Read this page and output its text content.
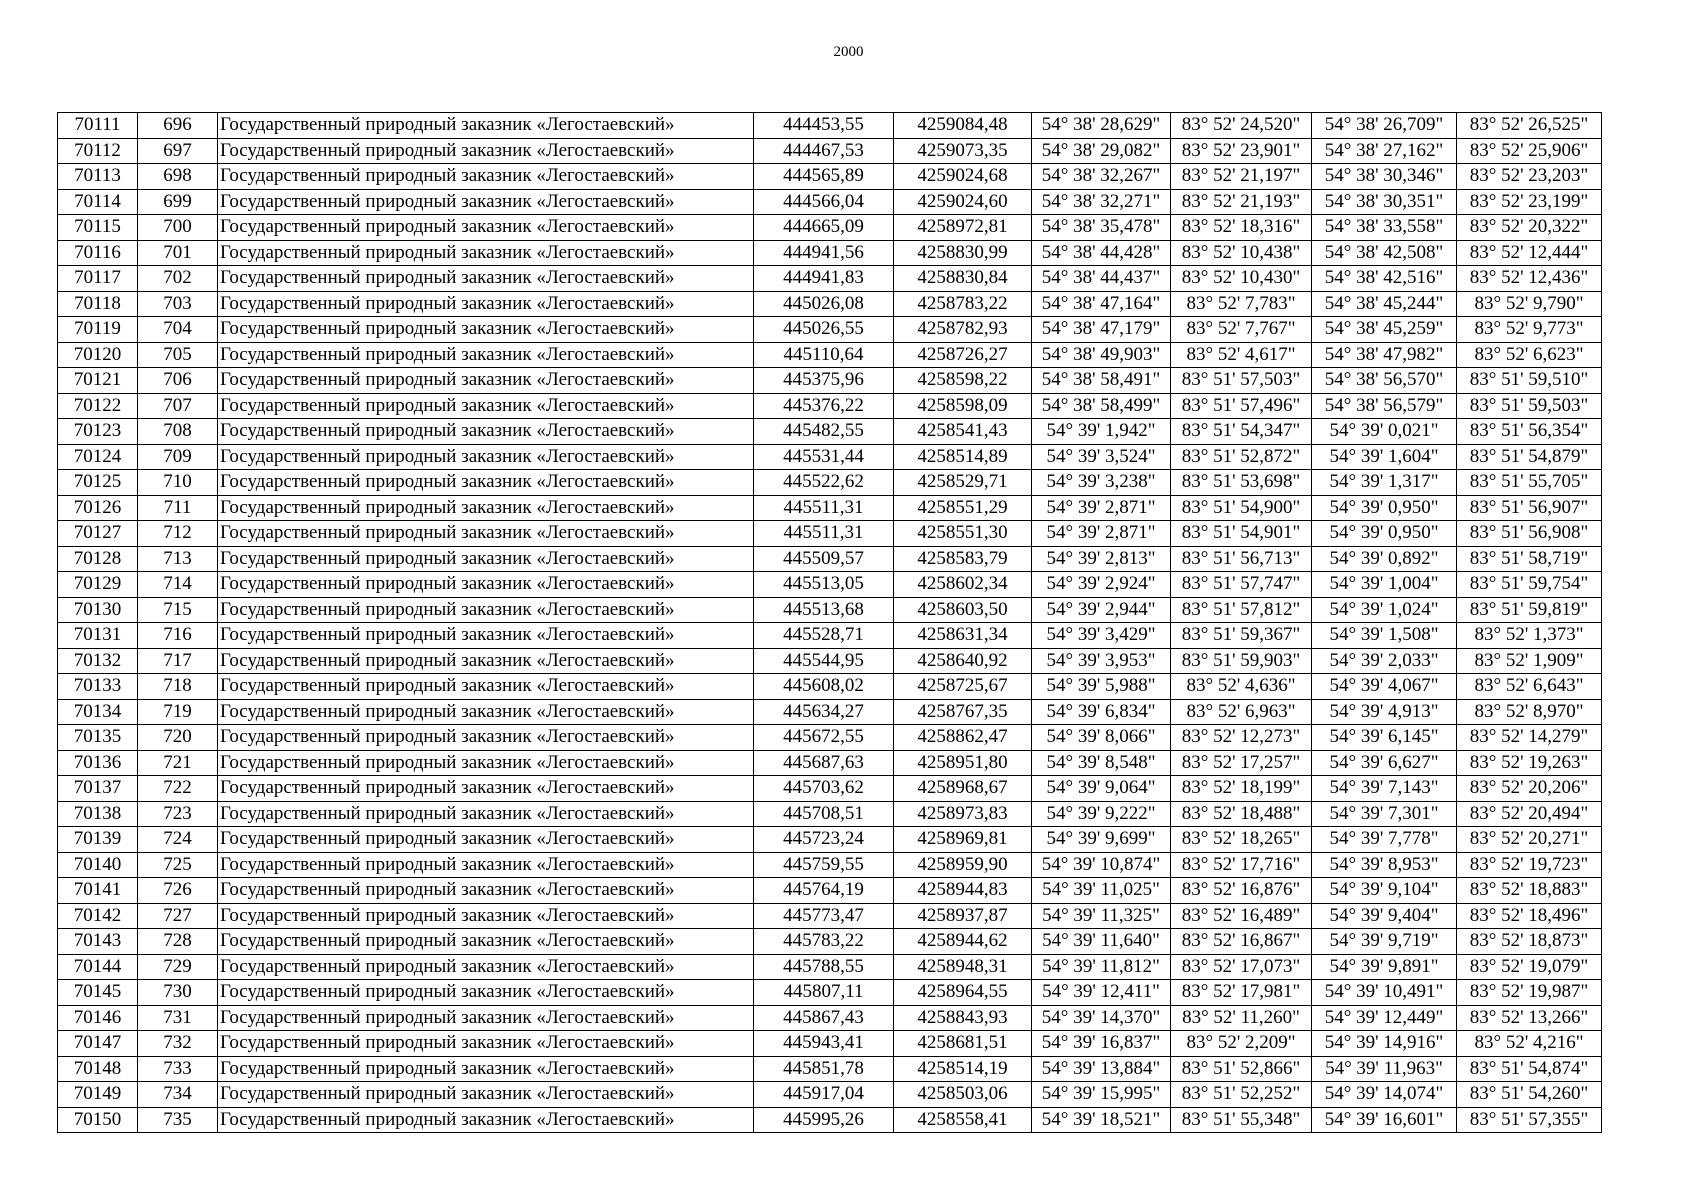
2000
70111	696	Государственный природный заказник «Легостаевский»	444453,55	4259084,48	54° 38' 28,629"	83° 52' 24,520"	54° 38' 26,709"	83° 52' 26,525"
70112	697	Государственный природный заказник «Легостаевский»	444467,53	4259073,35	54° 38' 29,082"	83° 52' 23,901"	54° 38' 27,162"	83° 52' 25,906"
70113	698	Государственный природный заказник «Легостаевский»	444565,89	4259024,68	54° 38' 32,267"	83° 52' 21,197"	54° 38' 30,346"	83° 52' 23,203"
70114	699	Государственный природный заказник «Легостаевский»	444566,04	4259024,60	54° 38' 32,271"	83° 52' 21,193"	54° 38' 30,351"	83° 52' 23,199"
70115	700	Государственный природный заказник «Легостаевский»	444665,09	4258972,81	54° 38' 35,478"	83° 52' 18,316"	54° 38' 33,558"	83° 52' 20,322"
70116	701	Государственный природный заказник «Легостаевский»	444941,56	4258830,99	54° 38' 44,428"	83° 52' 10,438"	54° 38' 42,508"	83° 52' 12,444"
70117	702	Государственный природный заказник «Легостаевский»	444941,83	4258830,84	54° 38' 44,437"	83° 52' 10,430"	54° 38' 42,516"	83° 52' 12,436"
70118	703	Государственный природный заказник «Легостаевский»	445026,08	4258783,22	54° 38' 47,164"	83° 52' 7,783"	54° 38' 45,244"	83° 52' 9,790"
70119	704	Государственный природный заказник «Легостаевский»	445026,55	4258782,93	54° 38' 47,179"	83° 52' 7,767"	54° 38' 45,259"	83° 52' 9,773"
70120	705	Государственный природный заказник «Легостаевский»	445110,64	4258726,27	54° 38' 49,903"	83° 52' 4,617"	54° 38' 47,982"	83° 52' 6,623"
70121	706	Государственный природный заказник «Легостаевский»	445375,96	4258598,22	54° 38' 58,491"	83° 51' 57,503"	54° 38' 56,570"	83° 51' 59,510"
70122	707	Государственный природный заказник «Легостаевский»	445376,22	4258598,09	54° 38' 58,499"	83° 51' 57,496"	54° 38' 56,579"	83° 51' 59,503"
70123	708	Государственный природный заказник «Легостаевский»	445482,55	4258541,43	54° 39' 1,942"	83° 51' 54,347"	54° 39' 0,021"	83° 51' 56,354"
70124	709	Государственный природный заказник «Легостаевский»	445531,44	4258514,89	54° 39' 3,524"	83° 51' 52,872"	54° 39' 1,604"	83° 51' 54,879"
70125	710	Государственный природный заказник «Легостаевский»	445522,62	4258529,71	54° 39' 3,238"	83° 51' 53,698"	54° 39' 1,317"	83° 51' 55,705"
70126	711	Государственный природный заказник «Легостаевский»	445511,31	4258551,29	54° 39' 2,871"	83° 51' 54,900"	54° 39' 0,950"	83° 51' 56,907"
70127	712	Государственный природный заказник «Легостаевский»	445511,31	4258551,30	54° 39' 2,871"	83° 51' 54,901"	54° 39' 0,950"	83° 51' 56,908"
70128	713	Государственный природный заказник «Легостаевский»	445509,57	4258583,79	54° 39' 2,813"	83° 51' 56,713"	54° 39' 0,892"	83° 51' 58,719"
70129	714	Государственный природный заказник «Легостаевский»	445513,05	4258602,34	54° 39' 2,924"	83° 51' 57,747"	54° 39' 1,004"	83° 51' 59,754"
70130	715	Государственный природный заказник «Легостаевский»	445513,68	4258603,50	54° 39' 2,944"	83° 51' 57,812"	54° 39' 1,024"	83° 51' 59,819"
70131	716	Государственный природный заказник «Легостаевский»	445528,71	4258631,34	54° 39' 3,429"	83° 51' 59,367"	54° 39' 1,508"	83° 52' 1,373"
70132	717	Государственный природный заказник «Легостаевский»	445544,95	4258640,92	54° 39' 3,953"	83° 51' 59,903"	54° 39' 2,033"	83° 52' 1,909"
70133	718	Государственный природный заказник «Легостаевский»	445608,02	4258725,67	54° 39' 5,988"	83° 52' 4,636"	54° 39' 4,067"	83° 52' 6,643"
70134	719	Государственный природный заказник «Легостаевский»	445634,27	4258767,35	54° 39' 6,834"	83° 52' 6,963"	54° 39' 4,913"	83° 52' 8,970"
70135	720	Государственный природный заказник «Легостаевский»	445672,55	4258862,47	54° 39' 8,066"	83° 52' 12,273"	54° 39' 6,145"	83° 52' 14,279"
70136	721	Государственный природный заказник «Легостаевский»	445687,63	4258951,80	54° 39' 8,548"	83° 52' 17,257"	54° 39' 6,627"	83° 52' 19,263"
70137	722	Государственный природный заказник «Легостаевский»	445703,62	4258968,67	54° 39' 9,064"	83° 52' 18,199"	54° 39' 7,143"	83° 52' 20,206"
70138	723	Государственный природный заказник «Легостаевский»	445708,51	4258973,83	54° 39' 9,222"	83° 52' 18,488"	54° 39' 7,301"	83° 52' 20,494"
70139	724	Государственный природный заказник «Легостаевский»	445723,24	4258969,81	54° 39' 9,699"	83° 52' 18,265"	54° 39' 7,778"	83° 52' 20,271"
70140	725	Государственный природный заказник «Легостаевский»	445759,55	4258959,90	54° 39' 10,874"	83° 52' 17,716"	54° 39' 8,953"	83° 52' 19,723"
70141	726	Государственный природный заказник «Легостаевский»	445764,19	4258944,83	54° 39' 11,025"	83° 52' 16,876"	54° 39' 9,104"	83° 52' 18,883"
70142	727	Государственный природный заказник «Легостаевский»	445773,47	4258937,87	54° 39' 11,325"	83° 52' 16,489"	54° 39' 9,404"	83° 52' 18,496"
70143	728	Государственный природный заказник «Легостаевский»	445783,22	4258944,62	54° 39' 11,640"	83° 52' 16,867"	54° 39' 9,719"	83° 52' 18,873"
70144	729	Государственный природный заказник «Легостаевский»	445788,55	4258948,31	54° 39' 11,812"	83° 52' 17,073"	54° 39' 9,891"	83° 52' 19,079"
70145	730	Государственный природный заказник «Легостаевский»	445807,11	4258964,55	54° 39' 12,411"	83° 52' 17,981"	54° 39' 10,491"	83° 52' 19,987"
70146	731	Государственный природный заказник «Легостаевский»	445867,43	4258843,93	54° 39' 14,370"	83° 52' 11,260"	54° 39' 12,449"	83° 52' 13,266"
70147	732	Государственный природный заказник «Легостаевский»	445943,41	4258681,51	54° 39' 16,837"	83° 52' 2,209"	54° 39' 14,916"	83° 52' 4,216"
70148	733	Государственный природный заказник «Легостаевский»	445851,78	4258514,19	54° 39' 13,884"	83° 51' 52,866"	54° 39' 11,963"	83° 51' 54,874"
70149	734	Государственный природный заказник «Легостаевский»	445917,04	4258503,06	54° 39' 15,995"	83° 51' 52,252"	54° 39' 14,074"	83° 51' 54,260"
70150	735	Государственный природный заказник «Легостаевский»	445995,26	4258558,41	54° 39' 18,521"	83° 51' 55,348"	54° 39' 16,601"	83° 51' 57,355"
